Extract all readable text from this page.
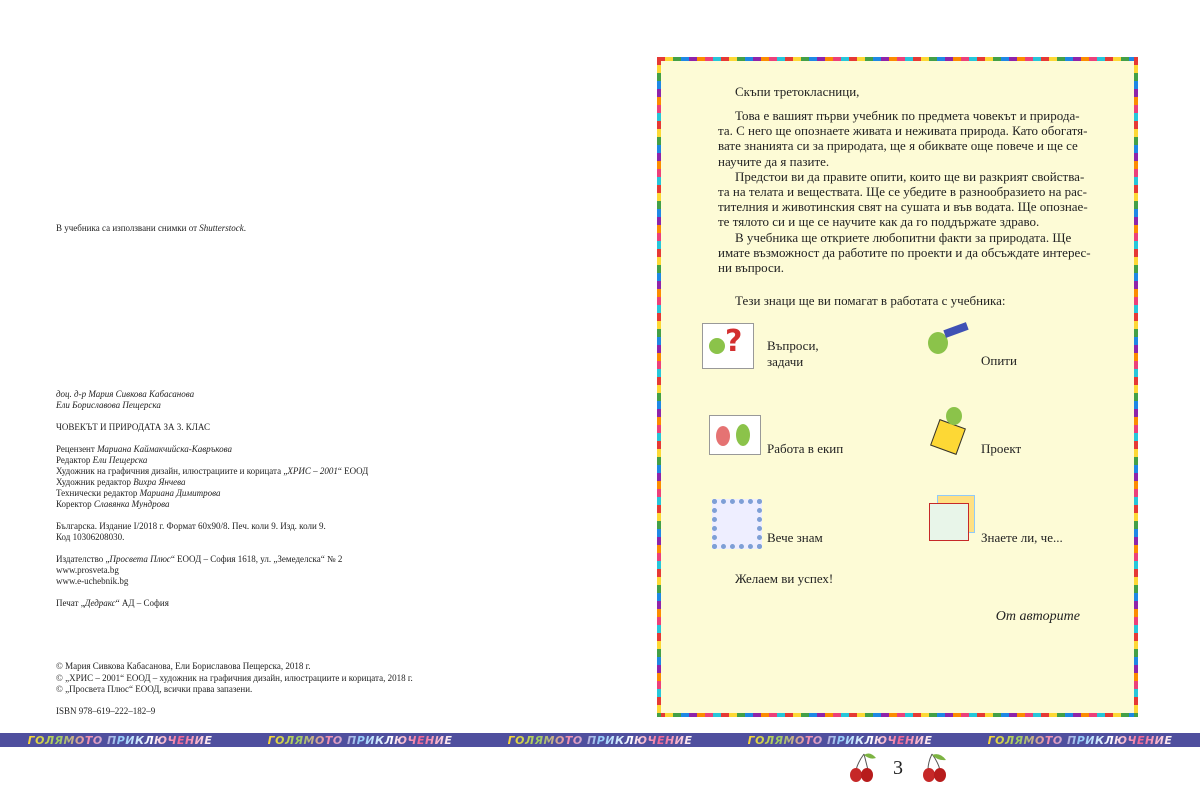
В учебника са използвани снимки от Shutterstock.
доц. д-р Мария Сивкова Кабасанова
Ели Бориславова Пещерска
ЧОВЕКЪТ И ПРИРОДАТА ЗА 3. КЛАС
Рецензент Мариана Каймакчийска-Кавръкова
Редактор Ели Пещерска
Художник на графичния дизайн, илюстрациите и корицата „ХРИС – 2001“ ЕООД
Художник редактор Вихра Янчева
Технически редактор Мариана Димитрова
Коректор Славянка Мундрова
Българска. Издание I/2018 г. Формат 60x90/8. Печ. коли 9. Изд. коли 9.
Код 10306208030.
Издателство „Просвета Плюс“ ЕООД – София 1618, ул. „Земеделска“ № 2
www.prosveta.bg
www.e-uchebnik.bg
Печат „Дедракс“ АД – София
© Мария Сивкова Кабасанова, Ели Бориславова Пещерска, 2018 г.
© „ХРИС – 2001“ ЕООД – художник на графичния дизайн, илюстрациите и корицата, 2018 г.
© „Просвета Плюс“ ЕООД, всички права запазени.
ISBN 978–619–222–182–9
Скъпи третокласници,
Това е вашият първи учебник по предмета човекът и природа-
та. С него ще опознаете живата и неживата природа. Като обогатя-
вате знанията си за природата, ще я обиквате още повече и ще се
научите да я пазите.
Предстои ви да правите опити, които ще ви разкрият свойства-
та на телата и веществата. Ще се убедите в разнообразието на рас-
тителния и животинския свят на сушата и във водата. Ще опознае-
те тялото си и ще се научите как да го поддържате здраво.
В учебника ще откриете любопитни факти за природата. Ще
имате възможност да работите по проекти и да обсъждате интерес-
ни въпроси.
Тези знаци ще ви помагат в работата с учебника:
? Въпроси,
задачи	Опити
Работа в екип	Проект
Вече знам	Знаете ли, че...
Желаем ви успех!
От авторите
ГОЛЯМОТО ПРИКЛЮЧЕНИЕ	ГОЛЯМОТО ПРИКЛЮЧЕНИЕ	ГОЛЯМОТО ПРИКЛЮЧЕНИЕ	ГОЛЯМОТО ПРИКЛЮЧЕНИЕ	ГОЛЯМОТО ПРИКЛЮЧЕНИЕ
3
